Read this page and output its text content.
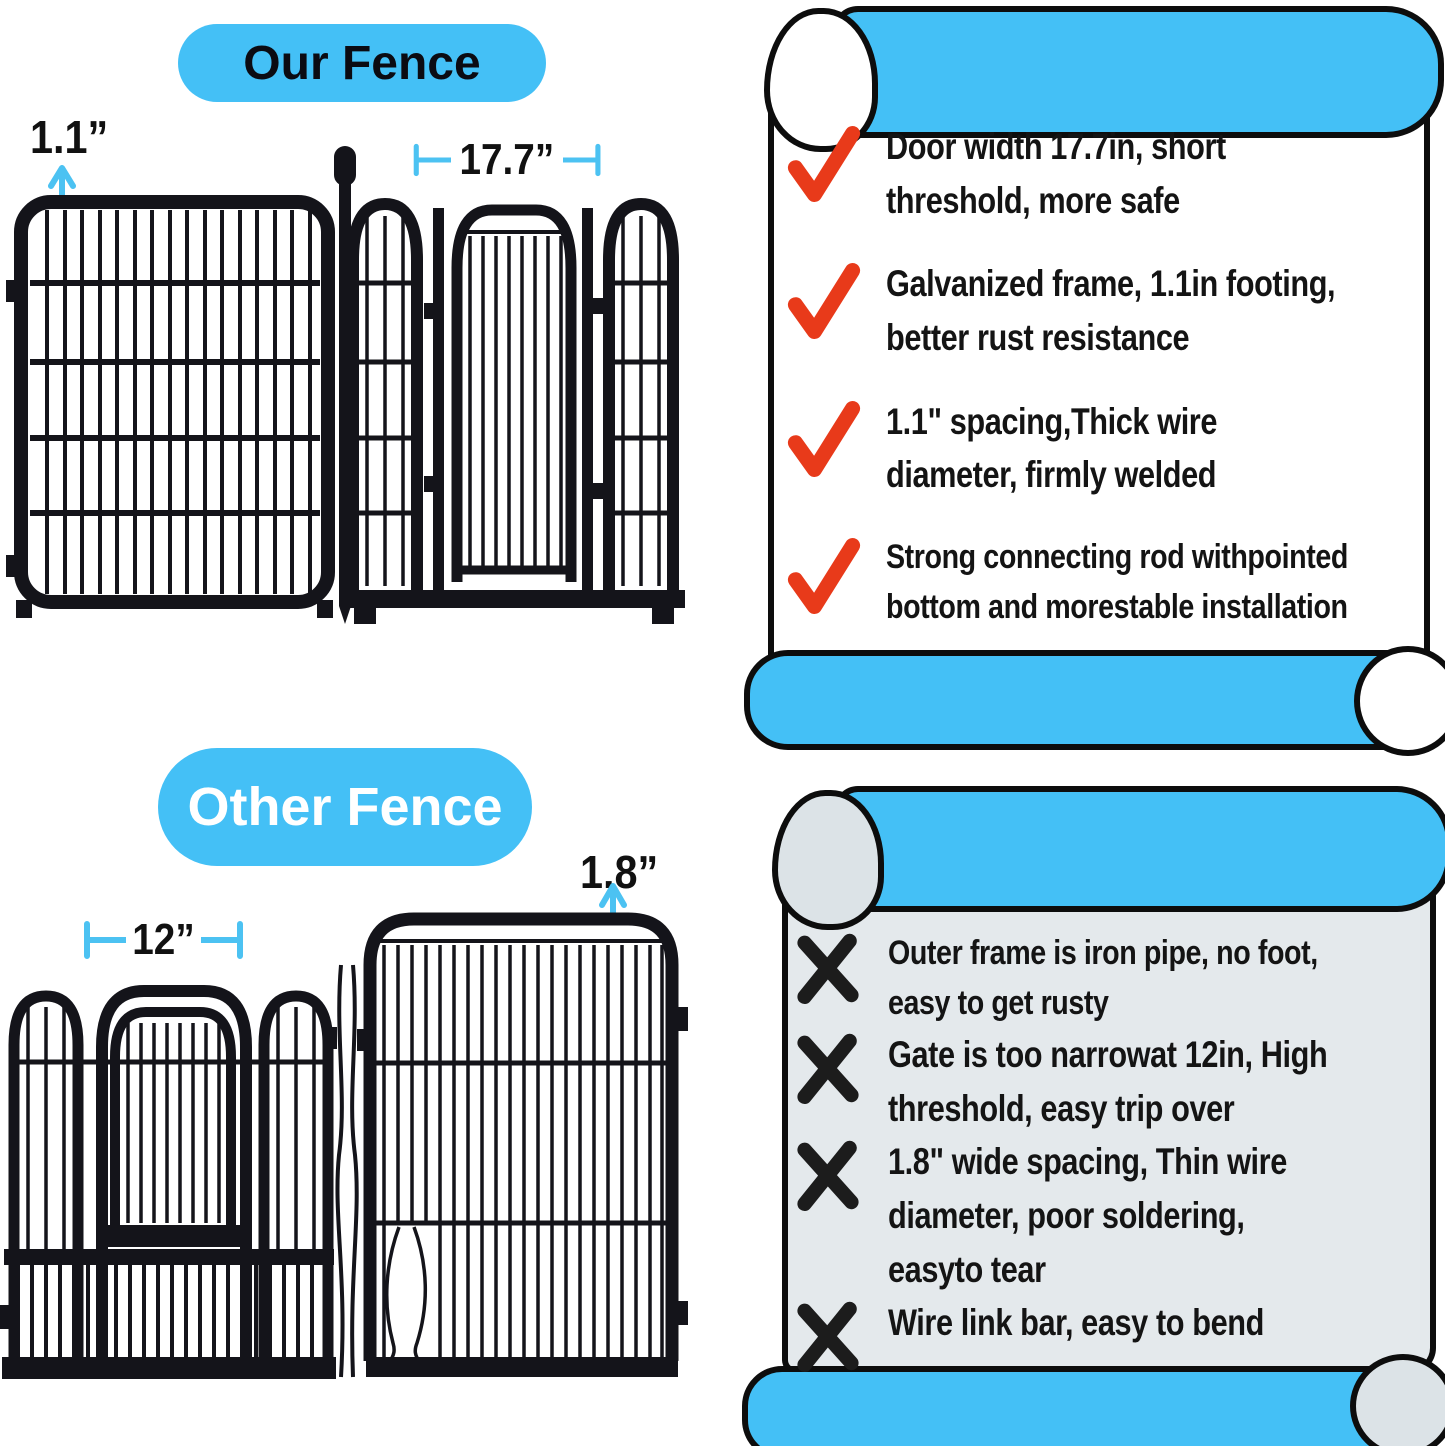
Our Fence
1.1”	17.7”
Other Fence
1.8”
12”
Door width 17.7in, short
threshold, more safe
Galvanized frame, 1.1in footing,
better rust resistance
1.1" spacing,Thick wire
diameter, firmly welded
Strong connecting rod withpointed
bottom and morestable installation
Outer frame is iron pipe, no foot,
easy to get rusty
Gate is too narrowat 12in, High
threshold, easy trip over
1.8" wide spacing, Thin wire
diameter, poor soldering,
easyto tear
Wire link bar, easy to bend
